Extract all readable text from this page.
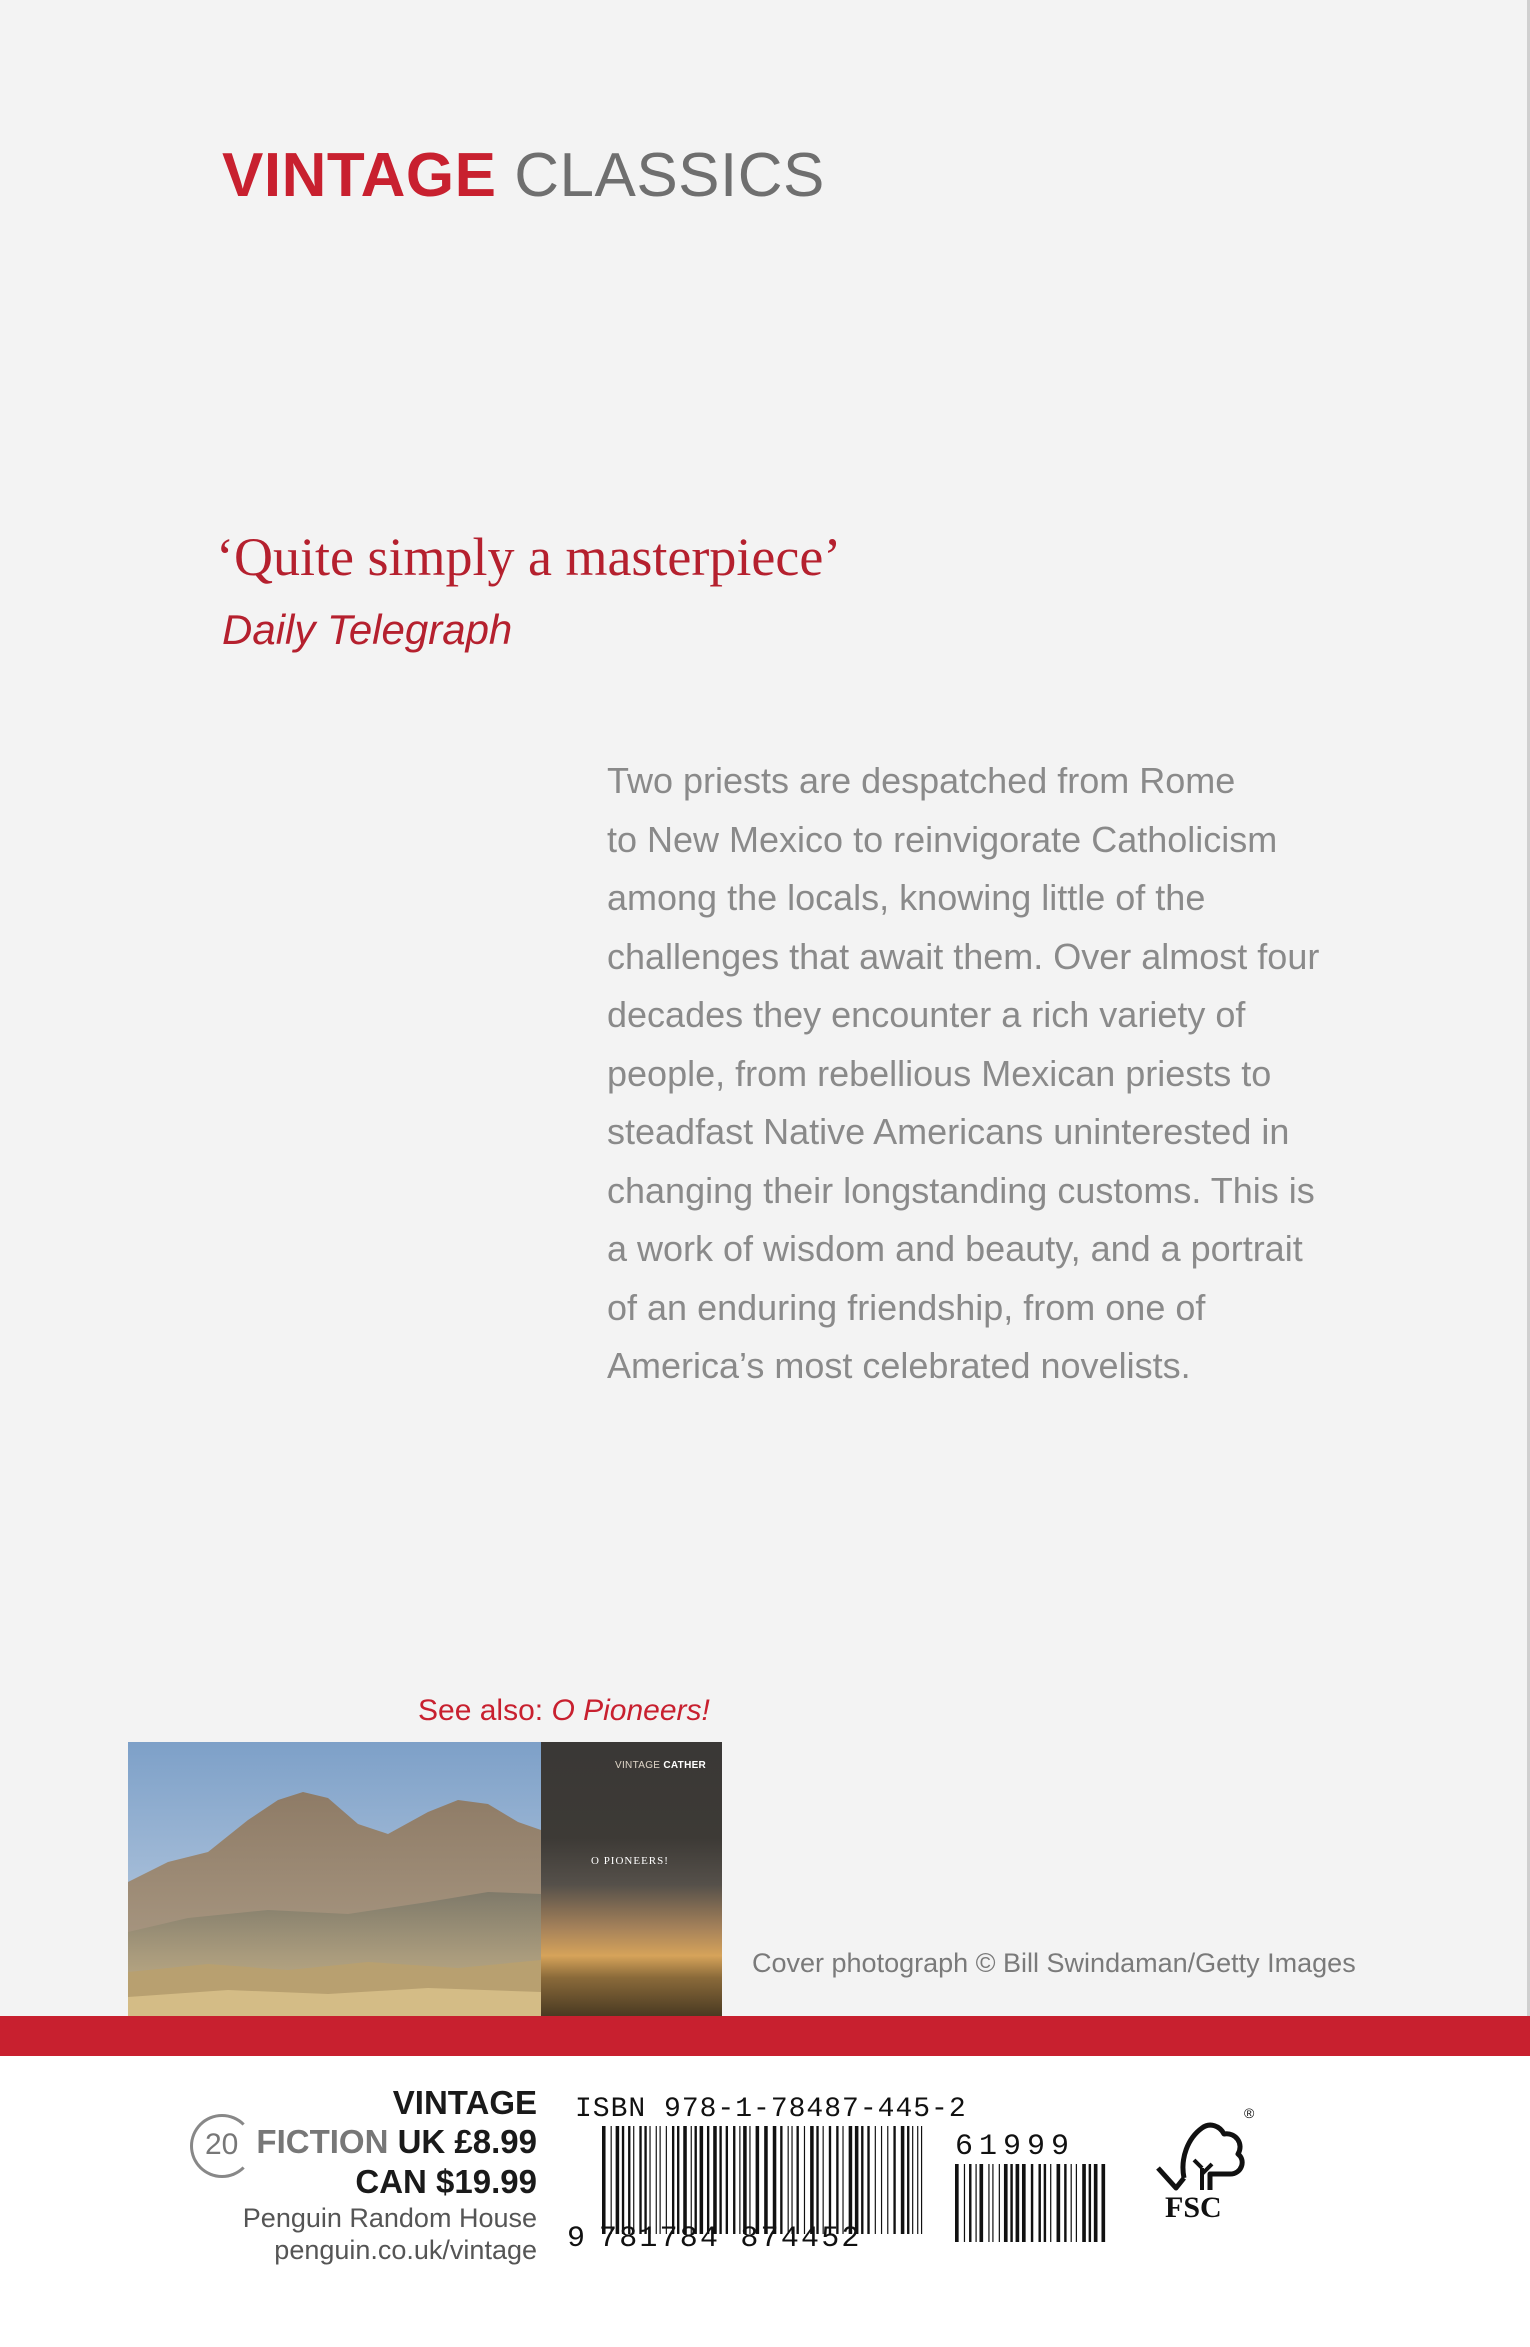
VINTAGE CLASSICS
‘Quite simply a masterpiece’
Daily Telegraph
Two priests are despatched from Rome
to New Mexico to reinvigorate Catholicism
among the locals, knowing little of the
challenges that await them. Over almost four
decades they encounter a rich variety of
people, from rebellious Mexican priests to
steadfast Native Americans uninterested in
changing their longstanding customs. This is
a work of wisdom and beauty, and a portrait
of an enduring friendship, from one of
America’s most celebrated novelists.
See also: O Pioneers!
VINTAGE CATHER
O PIONEERS!
Cover photograph © Bill Swindaman/Getty Images
20
VINTAGE
FICTION UK £8.99
CAN $19.99
Penguin Random House
penguin.co.uk/vintage
ISBN 978-1-78487-445-2
9 781784 874452
61999
®
FSC
